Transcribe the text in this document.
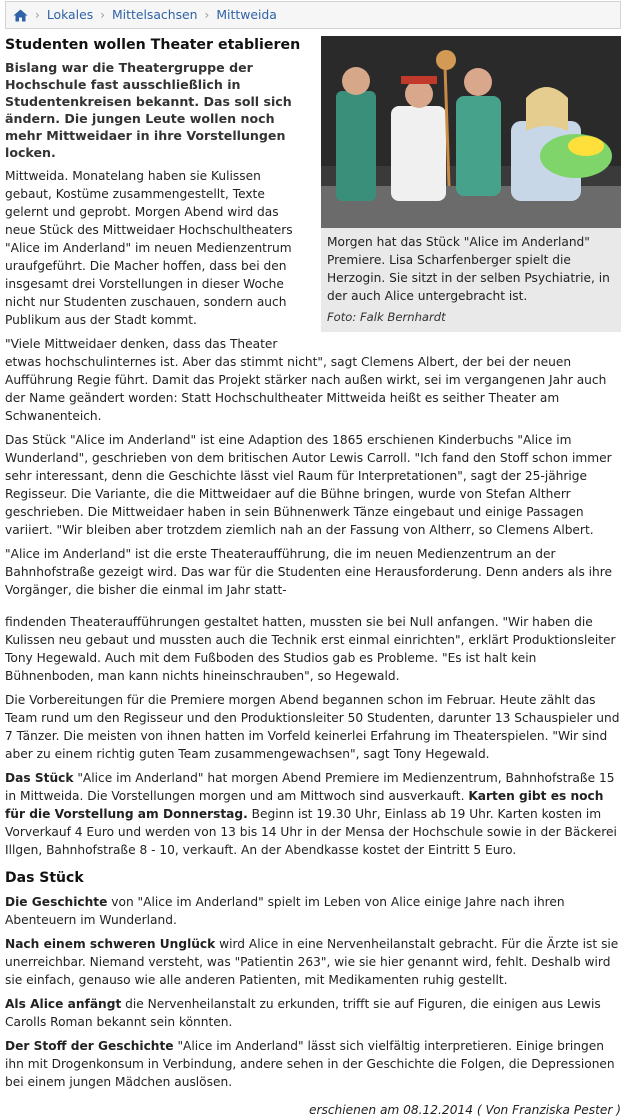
› Lokales › Mittelsachsen › Mittweida
Morgen hat das Stück "Alice im Anderland" Premiere. Lisa Scharfenberger spielt die Herzogin. Sie sitzt in der selben Psychiatrie, in der auch Alice untergebracht ist.
Foto: Falk Bernhardt
Studenten wollen Theater etablieren
Bislang war die Theatergruppe der Hochschule fast ausschließlich in Studentenkreisen bekannt. Das soll sich ändern. Die jungen Leute wollen noch mehr Mittweidaer in ihre Vorstellungen locken.

Mittweida. Monatelang haben sie Kulissen gebaut, Kostüme zusammengestellt, Texte gelernt und geprobt. Morgen Abend wird das neue Stück des Mittweidaer Hochschultheaters "Alice im Anderland" im neuen Medienzentrum uraufgeführt. Die Macher hoffen, dass bei den insgesamt drei Vorstellungen in dieser Woche nicht nur Studenten zuschauen, sondern auch Publikum aus der Stadt kommt.

"Viele Mittweidaer denken, dass das Theater etwas hochschulinternes ist. Aber das stimmt nicht", sagt Clemens Albert, der bei der neuen Aufführung Regie führt. Damit das Projekt stärker nach außen wirkt, sei im vergangenen Jahr auch der Name geändert worden: Statt Hochschultheater Mittweida heißt es seither Theater am Schwanenteich.

Das Stück "Alice im Anderland" ist eine Adaption des 1865 erschienen Kinderbuchs "Alice im Wunderland", geschrieben von dem britischen Autor Lewis Carroll. "Ich fand den Stoff schon immer sehr interessant, denn die Geschichte lässt viel Raum für Interpretationen", sagt der 25-jährige Regisseur. Die Variante, die die Mittweidaer auf die Bühne bringen, wurde von Stefan Altherr geschrieben. Die Mittweidaer haben in sein Bühnenwerk Tänze eingebaut und einige Passagen variiert. "Wir bleiben aber trotzdem ziemlich nah an der Fassung von Altherr, so Clemens Albert.

"Alice im Anderland" ist die erste Theateraufführung, die im neuen Medienzentrum an der Bahnhofstraße gezeigt wird. Das war für die Studenten eine Herausforderung. Denn anders als ihre Vorgänger, die bisher die einmal im Jahr statt-

findenden Theateraufführungen gestaltet hatten, mussten sie bei Null anfangen. "Wir haben die Kulissen neu gebaut und mussten auch die Technik erst einmal einrichten", erklärt Produktionsleiter Tony Hegewald. Auch mit dem Fußboden des Studios gab es Probleme. "Es ist halt kein Bühnenboden, man kann nichts hineinschrauben", so Hegewald.

Die Vorbereitungen für die Premiere morgen Abend begannen schon im Februar. Heute zählt das Team rund um den Regisseur und den Produktionsleiter 50 Studenten, darunter 13 Schauspieler und 7 Tänzer. Die meisten von ihnen hatten im Vorfeld keinerlei Erfahrung im Theaterspielen. "Wir sind aber zu einem richtig guten Team zusammengewachsen", sagt Tony Hegewald.

Das Stück "Alice im Anderland" hat morgen Abend Premiere im Medienzentrum, Bahnhofstraße 15 in Mittweida. Die Vorstellungen morgen und am Mittwoch sind ausverkauft. Karten gibt es noch für die Vorstellung am Donnerstag. Beginn ist 19.30 Uhr, Einlass ab 19 Uhr. Karten kosten im Vorverkauf 4 Euro und werden von 13 bis 14 Uhr in der Mensa der Hochschule sowie in der Bäckerei Illgen, Bahnhofstraße 8 - 10, verkauft. An der Abendkasse kostet der Eintritt 5 Euro.

Das Stück

Die Geschichte von "Alice im Anderland" spielt im Leben von Alice einige Jahre nach ihren Abenteuern im Wunderland.

Nach einem schweren Unglück wird Alice in eine Nervenheilanstalt gebracht. Für die Ärzte ist sie unerreichbar. Niemand versteht, was "Patientin 263", wie sie hier genannt wird, fehlt. Deshalb wird sie einfach, genauso wie alle anderen Patienten, mit Medikamenten ruhig gestellt.

Als Alice anfängt die Nervenheilanstalt zu erkunden, trifft sie auf Figuren, die einigen aus Lewis Carolls Roman bekannt sein könnten.

Der Stoff der Geschichte "Alice im Anderland" lässt sich vielfältig interpretieren. Einige bringen ihn mit Drogenkonsum in Verbindung, andere sehen in der Geschichte die Folgen, die Depressionen bei einem jungen Mädchen auslösen.

erschienen am 08.12.2014 ( Von Franziska Pester )
